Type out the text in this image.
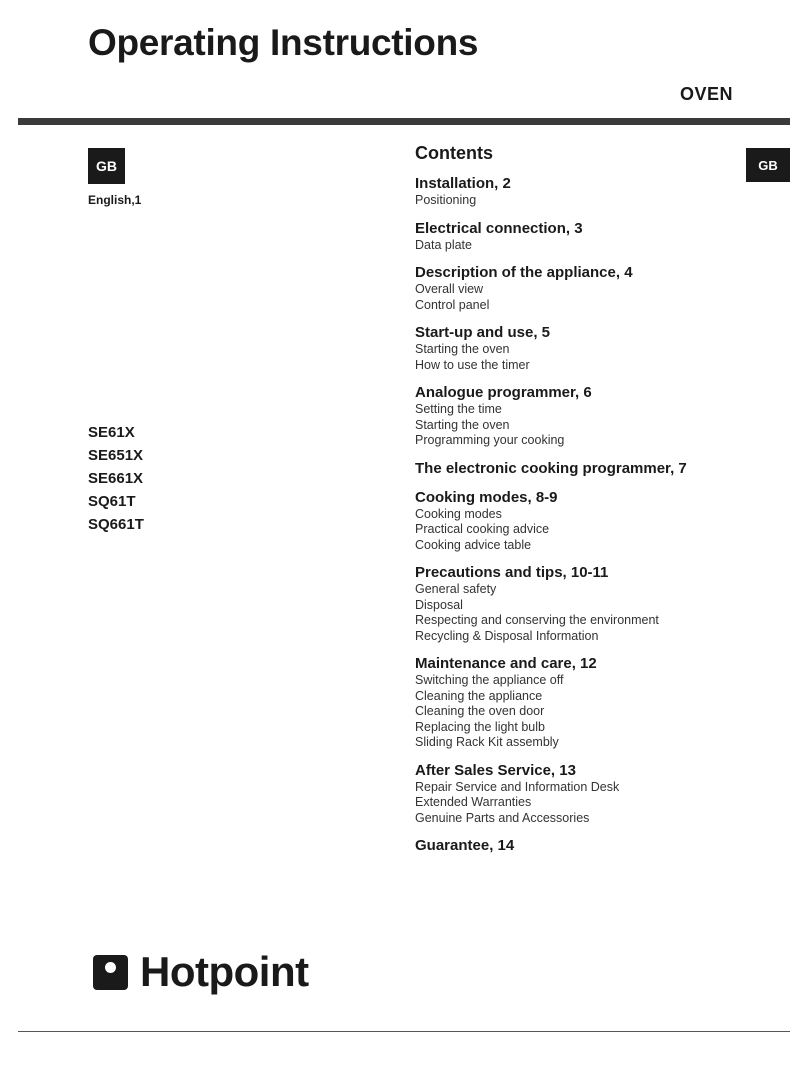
Operating Instructions
OVEN
GB
English,1
GB
SE61X
SE651X
SE661X
SQ61T
SQ661T
Contents
Installation, 2
Positioning
Electrical connection, 3
Data plate
Description of the appliance, 4
Overall view
Control panel
Start-up and use, 5
Starting the oven
How to use the timer
Analogue programmer, 6
Setting the time
Starting the oven
Programming your cooking
The electronic cooking programmer, 7
Cooking modes, 8-9
Cooking modes
Practical cooking advice
Cooking advice table
Precautions and tips, 10-11
General safety
Disposal
Respecting and conserving the environment
Recycling & Disposal Information
Maintenance and care, 12
Switching the appliance off
Cleaning the appliance
Cleaning the oven door
Replacing the light bulb
Sliding Rack Kit assembly
After Sales Service, 13
Repair Service and Information Desk
Extended Warranties
Genuine Parts and Accessories
Guarantee, 14
Hotpoint
